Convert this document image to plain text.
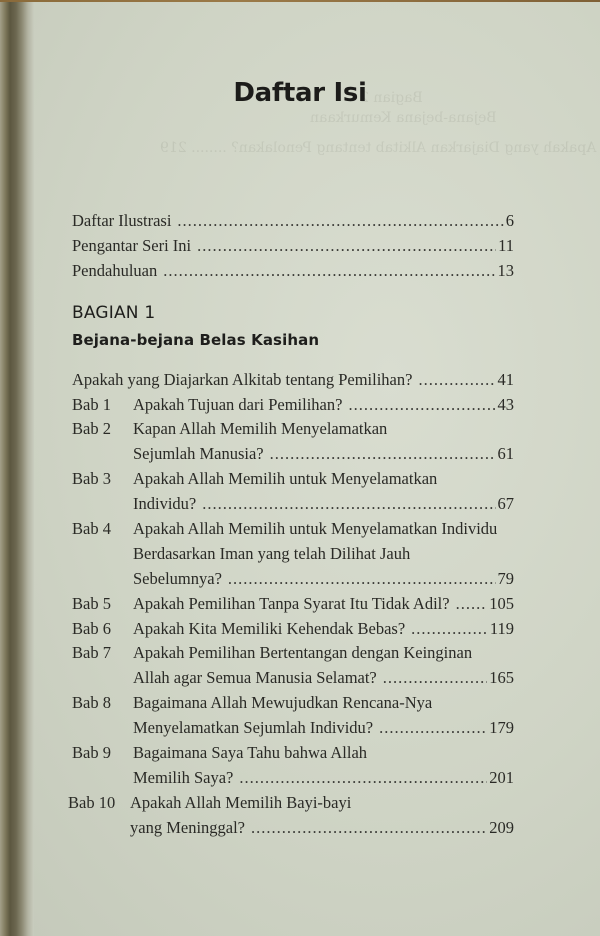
Bagian 2
Bejana-bejana Kemurkaan
Apakah yang Diajarkan Alkitab tentang Penolakan? ........ 219
Daftar Isi
Daftar Ilustrasi .....	6
Pengantar Seri Ini .....	11
Pendahuluan .....	13
BAGIAN 1
Bejana-bejana Belas Kasihan
Apakah yang Diajarkan Alkitab tentang Pemilihan? .....	41
Bab 1 Apakah Tujuan dari Pemilihan? .....	43
Bab 2 Kapan Allah Memilih Menyelamatkan
Sejumlah Manusia? .....	61
Bab 3 Apakah Allah Memilih untuk Menyelamatkan
Individu? .....	67
Bab 4 Apakah Allah Memilih untuk Menyelamatkan Individu
Berdasarkan Iman yang telah Dilihat Jauh
Sebelumnya? .....	79
Bab 5 Apakah Pemilihan Tanpa Syarat Itu Tidak Adil? ..... 105
Bab 6 Apakah Kita Memiliki Kehendak Bebas? .....	119
Bab 7 Apakah Pemilihan Bertentangan dengan Keinginan
Allah agar Semua Manusia Selamat? .....	165
Bab 8 Bagaimana Allah Mewujudkan Rencana-Nya
Menyelamatkan Sejumlah Individu? .....	179
Bab 9 Bagaimana Saya Tahu bahwa Allah
Memilih Saya? .....	201
Bab 10 Apakah Allah Memilih Bayi-bayi
yang Meninggal? .....	209
